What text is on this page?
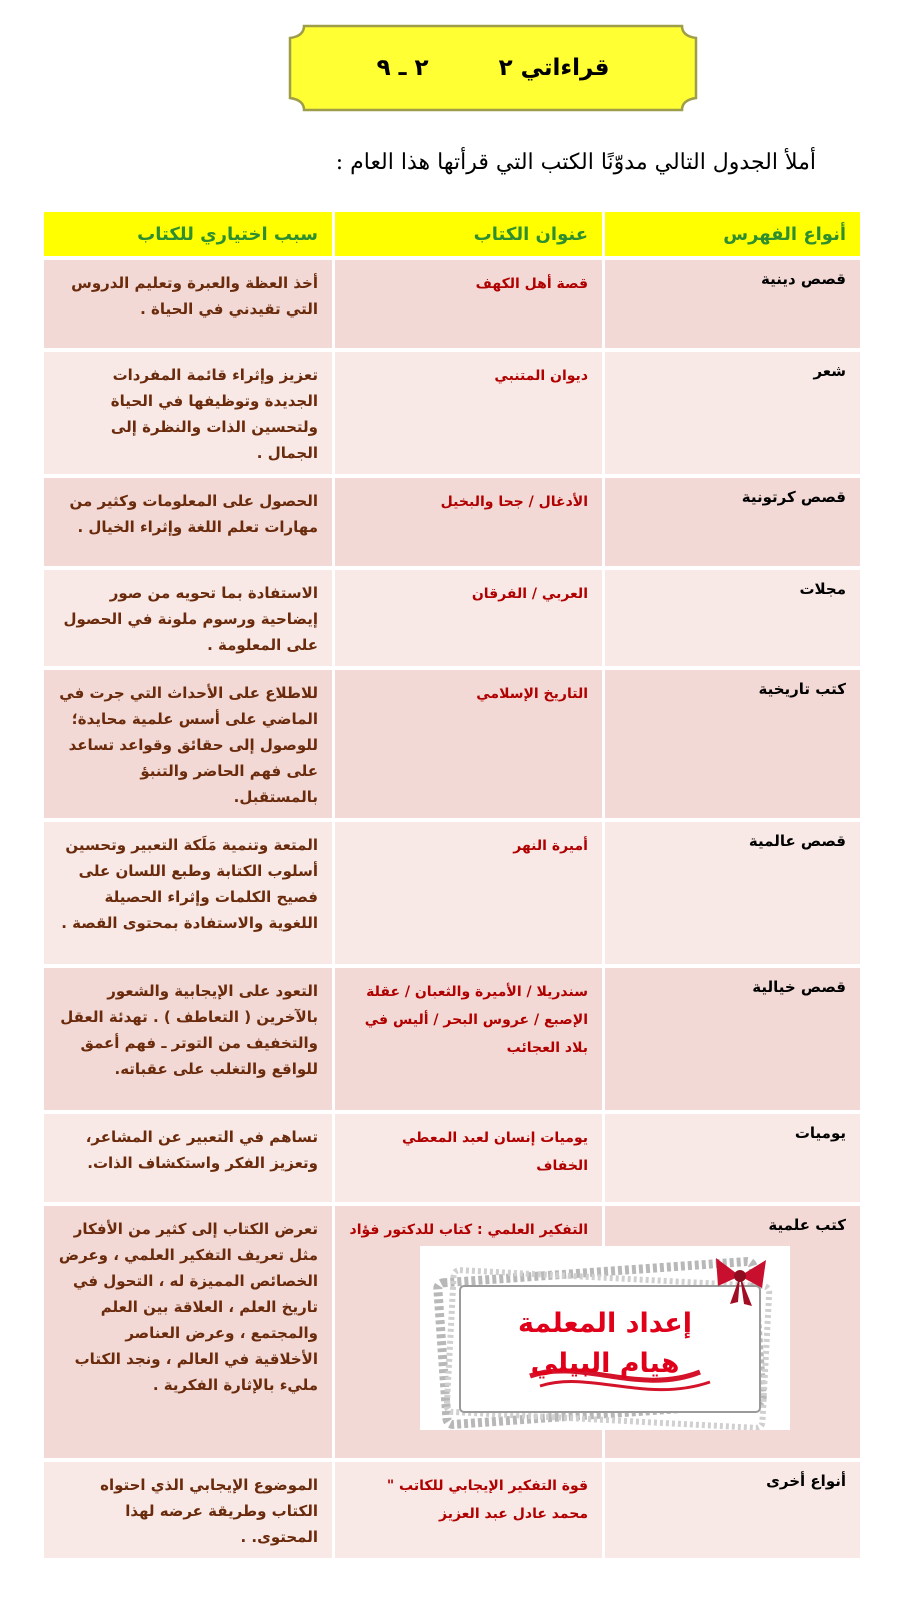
قراءاتي ٢
٢ ـ ٩
أملأ الجدول التالي مدوّنًا الكتب التي قرأتها هذا العام :
أنواع الفهرس	عنوان الكتاب	سبب اختياري للكتاب
قصص دينية	قصة أهل الكهف	أخذ العظة والعبرة وتعليم الدروس التي تقيدني في الحياة .
شعر	ديوان المتنبي	تعزيز وإثراء قائمة المفردات الجديدة وتوظيفها في الحياة ولتحسين الذات والنظرة إلى الجمال .
قصص كرتونية	الأدغال / جحا والبخيل	الحصول على المعلومات وكثير من مهارات تعلم اللغة وإثراء الخيال .
مجلات	العربي / الفرقان	الاستفادة بما تحويه من صور إيضاحية ورسوم ملونة في الحصول على المعلومة .
كتب تاريخية	التاريخ الإسلامي	للاطلاع على الأحداث التي جرت في الماضي على أسس علمية محايدة؛ للوصول إلى حقائق وقواعد تساعد على فهم الحاضر والتنبؤ بالمستقبل.
قصص عالمية	أميرة النهر	المتعة وتنمية مَلَكة التعبير وتحسين أسلوب الكتابة وطبع اللسان على فصيح الكلمات وإثراء الحصيلة اللغوية والاستفادة بمحتوى القصة .
قصص خيالية	سندريلا / الأميرة والثعبان / عقلة الإصبع / عروس البحر / أليس في بلاد العجائب	التعود على الإيجابية والشعور بالآخرين ( التعاطف ) . تهدئة العقل والتخفيف من التوتر ـ فهم أعمق للواقع والتغلب على عقباته.
يوميات	يوميات إنسان لعبد المعطي الخفاف	تساهم في التعبير عن المشاعر، وتعزيز الفكر واستكشاف الذات.
كتب علمية	التفكير العلمي : كتاب للدكتور فؤاد	تعرض الكتاب إلى كثير من الأفكار مثل تعريف التفكير العلمي ، وعرض الخصائص المميزة له ، التحول في تاريخ العلم ، العلاقة بين العلم والمجتمع ، وعرض العناصر الأخلاقية في العالم ، ونجد الكتاب مليء بالإثارة الفكرية .
أنواع أخرى	قوة التفكير الإيجابي للكاتب " محمد عادل عبد العزيز	الموضوع الإيجابي الذي احتواه الكتاب وطريقة عرضه لهذا المحتوى. .
إعداد المعلمة
هيام البيلي
